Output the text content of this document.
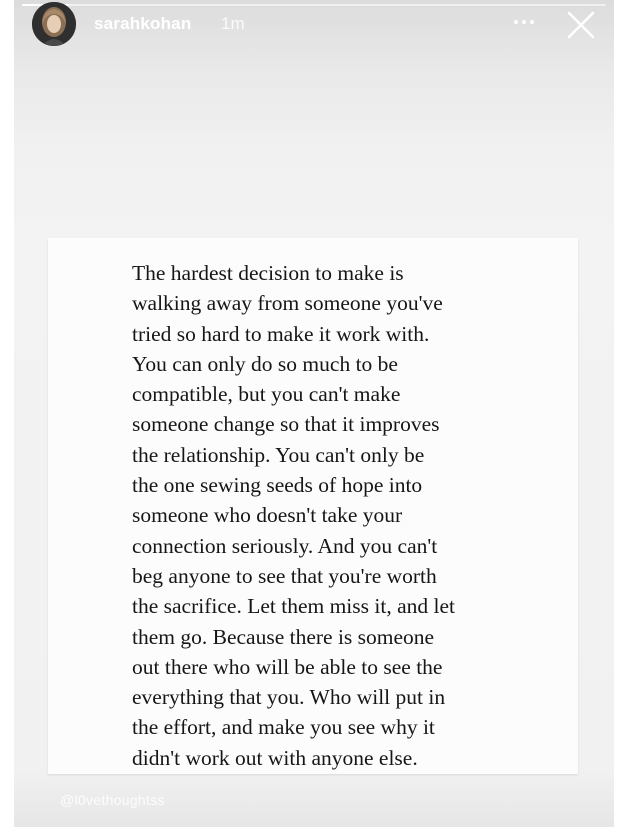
sarahkohan 1m

The hardest decision to make is
walking away from someone you've
tried so hard to make it work with.
You can only do so much to be
compatible, but you can't make
someone change so that it improves
the relationship. You can't only be
the one sewing seeds of hope into
someone who doesn't take your
connection seriously. And you can't
beg anyone to see that you're worth
the sacrifice. Let them miss it, and let
them go. Because there is someone
out there who will be able to see the
everything that you. Who will put in
the effort, and make you see why it
didn't work out with anyone else.

@l0vethoughtss
